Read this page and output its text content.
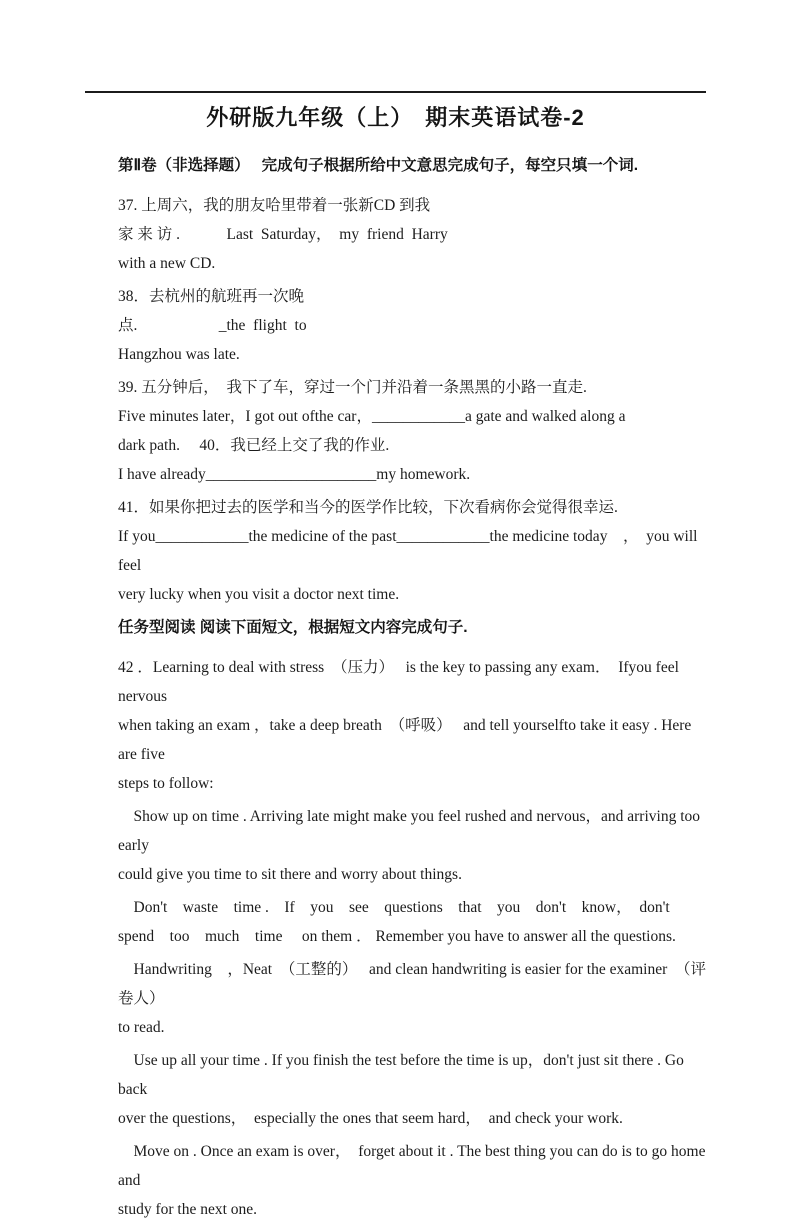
外研版九年级（上）　期末英语试卷-2
第Ⅱ卷（非选择题）　 完成句子根据所给中文意思完成句子，每空只填一个词.
37. 上周六，我的朋友哈里带着一张新CD 到我
家 来 访 .　　　Last  Saturday，  my  friend  Harry
with a new CD.
38．去杭州的航班再一次晚
点.　　　　　 _the  flight  to
Hangzhou was late.
39. 五分钟后，　我下了车，穿过一个门并沿着一条黑黑的小路一直走.
Five minutes later，I got out ofthe car，____________a gate and walked along a
dark path.　 40．我已经上交了我的作业.
I have already______________________my homework.
41．如果你把过去的医学和当今的医学作比较，下次看病你会觉得很幸运.
If you____________the medicine of the past____________the medicine today　，　you will feel
very lucky when you visit a doctor next time.
任务型阅读 阅读下面短文，根据短文内容完成句子.
42 ．Learning to deal with stress　（压力）　 is the key to passing any exam．  Ifyou feel nervous
when taking an exam ，take a deep breath　（呼吸）　 and tell yourselfto take it easy . Here are five
steps to follow:
　Show up on time . Arriving late might make you feel rushed and nervous，and arriving too early
could give you time to sit there and worry about things.
　Don't　waste　time .　If　you　see　questions　that　you　don't　know，　don't
spend　too　much　time　 on them ． Remember you have to answer all the questions.
　Handwriting　，Neat　（工整的）　 and clean handwriting is easier for the examiner　（评卷人）
to read.
　Use up all your time . If you finish the test before the time is up，don't just sit there . Go back
over the questions，　especially the ones that seem hard，　and check your work.
　Move on . Once an exam is over，　forget about it . The best thing you can do is to go home and
study for the next one.
